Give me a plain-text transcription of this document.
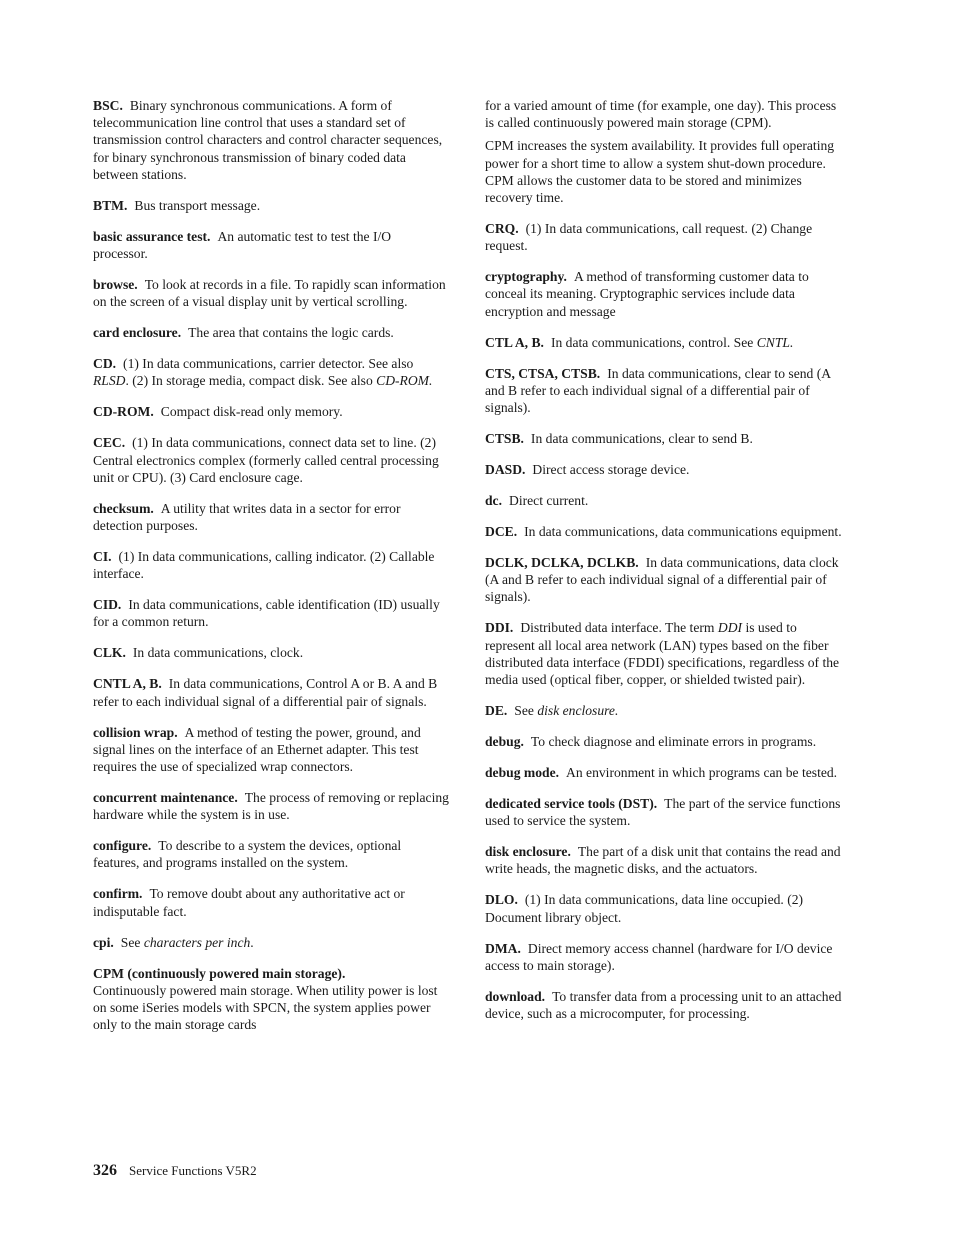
BSC. Binary synchronous communications. A form of telecommunication line control that uses a standard set of transmission control characters and control character sequences, for binary synchronous transmission of binary coded data between stations.

BTM. Bus transport message.

basic assurance test. An automatic test to test the I/O processor.

browse. To look at records in a file. To rapidly scan information on the screen of a visual display unit by vertical scrolling.

card enclosure. The area that contains the logic cards.

CD. (1) In data communications, carrier detector. See also RLSD. (2) In storage media, compact disk. See also CD-ROM.

CD-ROM. Compact disk-read only memory.

CEC. (1) In data communications, connect data set to line. (2) Central electronics complex (formerly called central processing unit or CPU). (3) Card enclosure cage.

checksum. A utility that writes data in a sector for error detection purposes.

CI. (1) In data communications, calling indicator. (2) Callable interface.

CID. In data communications, cable identification (ID) usually for a common return.

CLK. In data communications, clock.

CNTL A, B. In data communications, Control A or B. A and B refer to each individual signal of a differential pair of signals.

collision wrap. A method of testing the power, ground, and signal lines on the interface of an Ethernet adapter. This test requires the use of specialized wrap connectors.

concurrent maintenance. The process of removing or replacing hardware while the system is in use.

configure. To describe to a system the devices, optional features, and programs installed on the system.

confirm. To remove doubt about any authoritative act or indisputable fact.

cpi. See characters per inch.

CPM (continuously powered main storage).
Continuously powered main storage. When utility power is lost on some iSeries models with SPCN, the system applies power only to the main storage cards

for a varied amount of time (for example, one day). This process is called continuously powered main storage (CPM).

CPM increases the system availability. It provides full operating power for a short time to allow a system shut-down procedure. CPM allows the customer data to be stored and minimizes recovery time.

CRQ. (1) In data communications, call request. (2) Change request.

cryptography. A method of transforming customer data to conceal its meaning. Cryptographic services include data encryption and message

CTL A, B. In data communications, control. See CNTL.

CTS, CTSA, CTSB. In data communications, clear to send (A and B refer to each individual signal of a differential pair of signals).

CTSB. In data communications, clear to send B.

DASD. Direct access storage device.

dc. Direct current.

DCE. In data communications, data communications equipment.

DCLK, DCLKA, DCLKB. In data communications, data clock (A and B refer to each individual signal of a differential pair of signals).

DDI. Distributed data interface. The term DDI is used to represent all local area network (LAN) types based on the fiber distributed data interface (FDDI) specifications, regardless of the media used (optical fiber, copper, or shielded twisted pair).

DE. See disk enclosure.

debug. To check diagnose and eliminate errors in programs.

debug mode. An environment in which programs can be tested.

dedicated service tools (DST). The part of the service functions used to service the system.

disk enclosure. The part of a disk unit that contains the read and write heads, the magnetic disks, and the actuators.

DLO. (1) In data communications, data line occupied. (2) Document library object.

DMA. Direct memory access channel (hardware for I/O device access to main storage).

download. To transfer data from a processing unit to an attached device, such as a microcomputer, for processing.

326 Service Functions V5R2
